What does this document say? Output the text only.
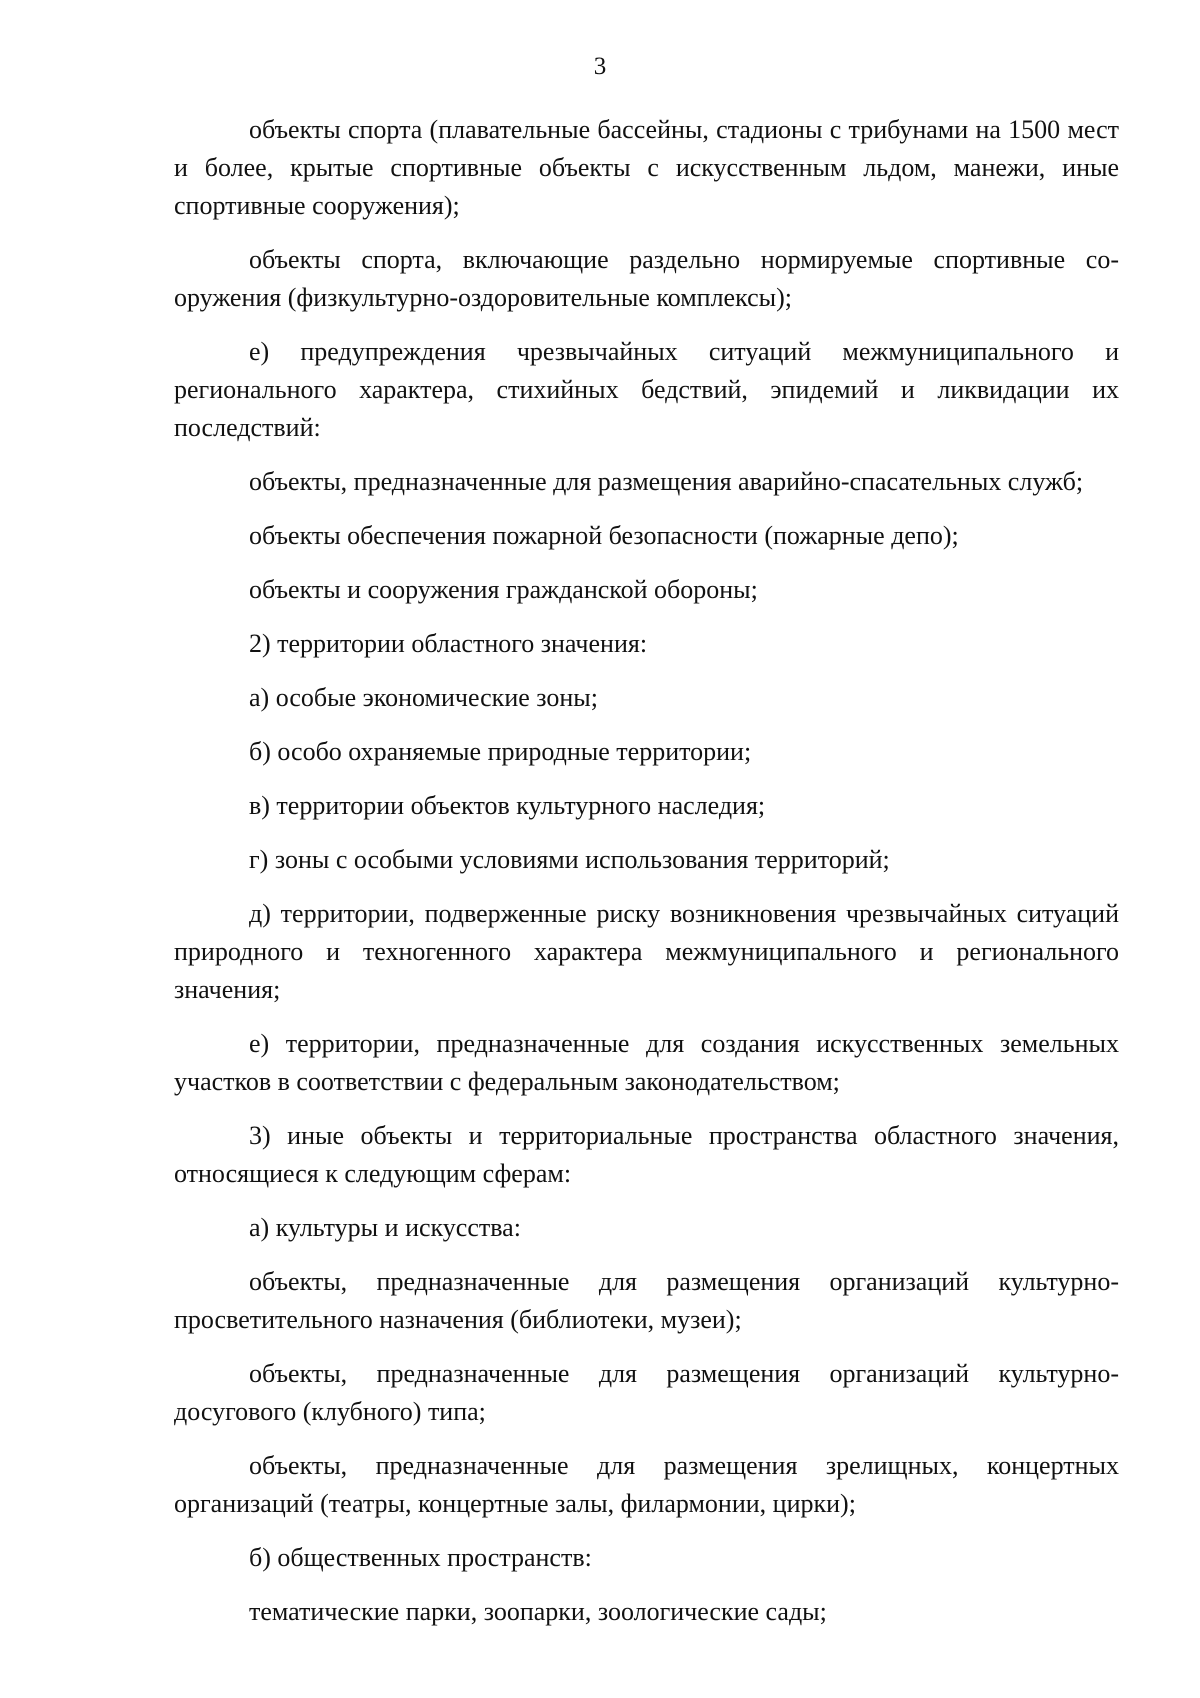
3

объекты спорта (плавательные бассейны, стадионы с трибунами на 1500 мест и более, крытые спортивные объекты с искусственным льдом, манежи, иные спортивные сооружения);

объекты спорта, включающие раздельно нормируемые спортивные сооружения (физкультурно-оздоровительные комплексы);

е) предупреждения чрезвычайных ситуаций межмуниципального и регионального характера, стихийных бедствий, эпидемий и ликвидации их последствий:

объекты, предназначенные для размещения аварийно-спасательных служб;

объекты обеспечения пожарной безопасности (пожарные депо);

объекты и сооружения гражданской обороны;

2) территории областного значения:

а) особые экономические зоны;

б) особо охраняемые природные территории;

в) территории объектов культурного наследия;

г) зоны с особыми условиями использования территорий;

д) территории, подверженные риску возникновения чрезвычайных ситуаций природного и техногенного характера межмуниципального и регионального значения;

е) территории, предназначенные для создания искусственных земельных участков в соответствии с федеральным законодательством;

3) иные объекты и территориальные пространства областного значения, относящиеся к следующим сферам:

а) культуры и искусства:

объекты, предназначенные для размещения организаций культурно-просветительного назначения (библиотеки, музеи);

объекты, предназначенные для размещения организаций культурно-досугового (клубного) типа;

объекты, предназначенные для размещения зрелищных, концертных организаций (театры, концертные залы, филармонии, цирки);

б) общественных пространств:

тематические парки, зоопарки, зоологические сады;
